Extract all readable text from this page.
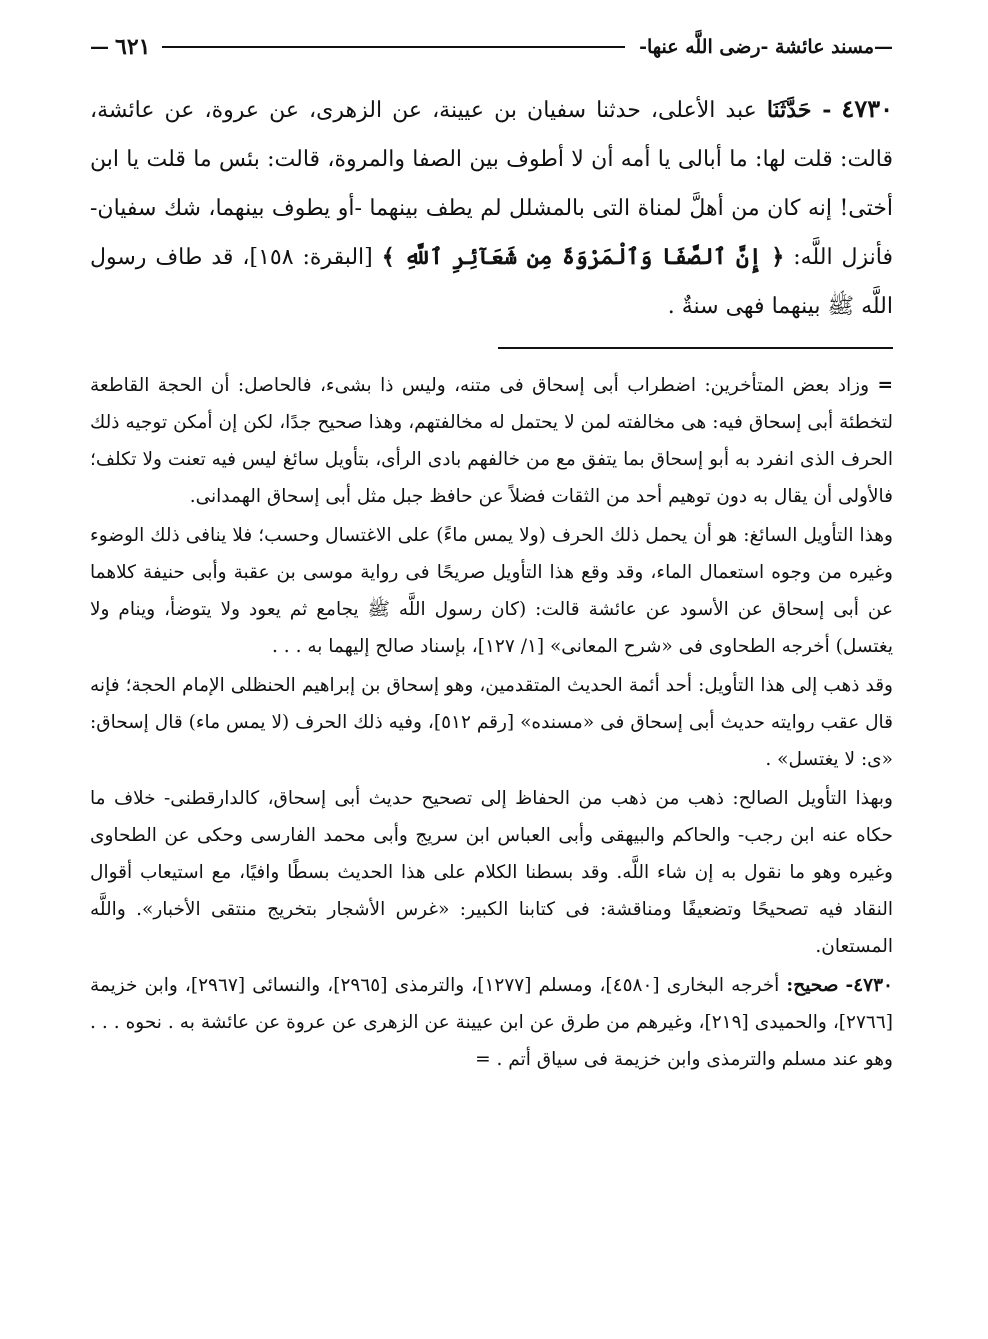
—
مسند عائشة -رضى اللَّه عنها-
٦٢١
—
٤٧٣٠ - حَدَّثَنَا عبد الأعلى، حدثنا سفيان بن عيينة، عن الزهرى، عن عروة، عن عائشة، قالت: قلت لها: ما أبالى يا أمه أن لا أطوف بين الصفا والمروة، قالت: بئس ما قلت يا ابن أختى! إنه كان من أهلَّ لمناة التى بالمشلل لم يطف بينهما -أو يطوف بينهما، شك سفيان- فأنزل اللَّه: ﴿ إِنَّ ٱلصَّفَا وَٱلْمَرْوَةَ مِن شَعَآئِرِ ٱللَّهِ ﴾ [البقرة: ١٥٨]، قد طاف رسول اللَّه ﷺ بينهما فهى سنةٌ .

= وزاد بعض المتأخرين: اضطراب أبى إسحاق فى متنه، وليس ذا بشىء، فالحاصل: أن الحجة القاطعة لتخطئة أبى إسحاق فيه: هى مخالفته لمن لا يحتمل له مخالفتهم، وهذا صحيح جدًا، لكن إن أمكن توجيه ذلك الحرف الذى انفرد به أبو إسحاق بما يتفق مع من خالفهم بادى الرأى، بتأويل سائغ ليس فيه تعنت ولا تكلف؛ فالأولى أن يقال به دون توهيم أحد من الثقات فضلاً عن حافظ جبل مثل أبى إسحاق الهمدانى.

وهذا التأويل السائغ: هو أن يحمل ذلك الحرف (ولا يمس ماءً) على الاغتسال وحسب؛ فلا ينافى ذلك الوضوء وغيره من وجوه استعمال الماء، وقد وقع هذا التأويل صريحًا فى رواية موسى بن عقبة وأبى حنيفة كلاهما عن أبى إسحاق عن الأسود عن عائشة قالت: (كان رسول اللَّه ﷺ يجامع ثم يعود ولا يتوضأ، وينام ولا يغتسل) أخرجه الطحاوى فى «شرح المعانى» [١/ ١٢٧]، بإسناد صالح إليهما به . . .

وقد ذهب إلى هذا التأويل: أحد أئمة الحديث المتقدمين، وهو إسحاق بن إبراهيم الحنظلى الإمام الحجة؛ فإنه قال عقب روايته حديث أبى إسحاق فى «مسنده» [رقم ٥١٢]، وفيه ذلك الحرف (لا يمس ماء) قال إسحاق: «ى: لا يغتسل» .

وبهذا التأويل الصالح: ذهب من ذهب من الحفاظ إلى تصحيح حديث أبى إسحاق، كالدارقطنى- خلاف ما حكاه عنه ابن رجب- والحاكم والبيهقى وأبى العباس ابن سريج وأبى محمد الفارسى وحكى عن الطحاوى وغيره وهو ما نقول به إن شاء اللَّه. وقد بسطنا الكلام على هذا الحديث بسطًا وافيًا، مع استيعاب أقوال النقاد فيه تصحيحًا وتضعيفًا ومناقشة: فى كتابنا الكبير: «غرس الأشجار بتخريج منتقى الأخبار». واللَّه المستعان.

٤٧٣٠- صحيح: أخرجه البخارى [٤٥٨٠]، ومسلم [١٢٧٧]، والترمذى [٢٩٦٥]، والنسائى [٢٩٦٧]، وابن خزيمة [٢٧٦٦]، والحميدى [٢١٩]، وغيرهم من طرق عن ابن عيينة عن الزهرى عن عروة عن عائشة به . نحوه . . . وهو عند مسلم والترمذى وابن خزيمة فى سياق أتم . =
